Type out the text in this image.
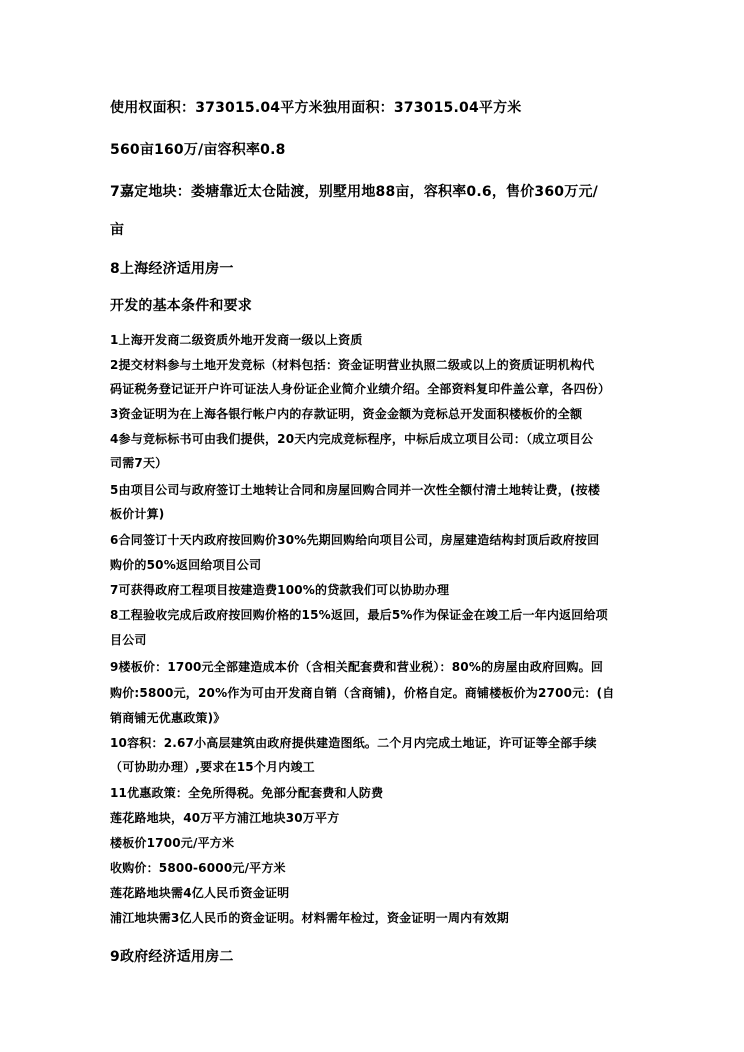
使用权面积：373015.04平方米独用面积：373015.04平方米
560亩160万/亩容积率0.8
7嘉定地块：娄塘靠近太仓陆渡，别墅用地88亩，容积率0.6，售价360万元/
亩
8上海经济适用房一
开发的基本条件和要求
1上海开发商二级资质外地开发商一级以上资质
2提交材料参与土地开发竞标（材料包括：资金证明营业执照二级或以上的资质证明机构代
码证税务登记证开户许可证法人身份证企业简介业绩介绍。全部资料复印件盖公章，各四份）
3资金证明为在上海各银行帐户内的存款证明，资金金额为竞标总开发面积楼板价的全额
4参与竞标标书可由我们提供，20天内完成竞标程序，中标后成立项目公司：（成立项目公
司需7天）
5由项目公司与政府签订土地转让合同和房屋回购合同并一次性全额付清土地转让费，(按楼
板价计算)
6合同签订十天内政府按回购价30%先期回购给向项目公司，房屋建造结构封顶后政府按回
购价的50%返回给项目公司
7可获得政府工程项目按建造费100%的贷款我们可以协助办理
8工程验收完成后政府按回购价格的15%返回，最后5%作为保证金在竣工后一年内返回给项
目公司
9楼板价：1700元全部建造成本价（含相关配套费和营业税）：80%的房屋由政府回购。回
购价:5800元，20%作为可由开发商自销（含商铺)，价格自定。商铺楼板价为2700元：(自
销商铺无优惠政策)》
10容积：2.67小高层建筑由政府提供建造图纸。二个月内完成土地证，许可证等全部手续
（可协助办理）,要求在15个月内竣工
11优惠政策：全免所得税。免部分配套费和人防费
莲花路地块，40万平方浦江地块30万平方
楼板价1700元/平方米
收购价：5800-6000元/平方米
莲花路地块需4亿人民币资金证明
浦江地块需3亿人民币的资金证明。材料需年检过，资金证明一周内有效期
9政府经济适用房二
